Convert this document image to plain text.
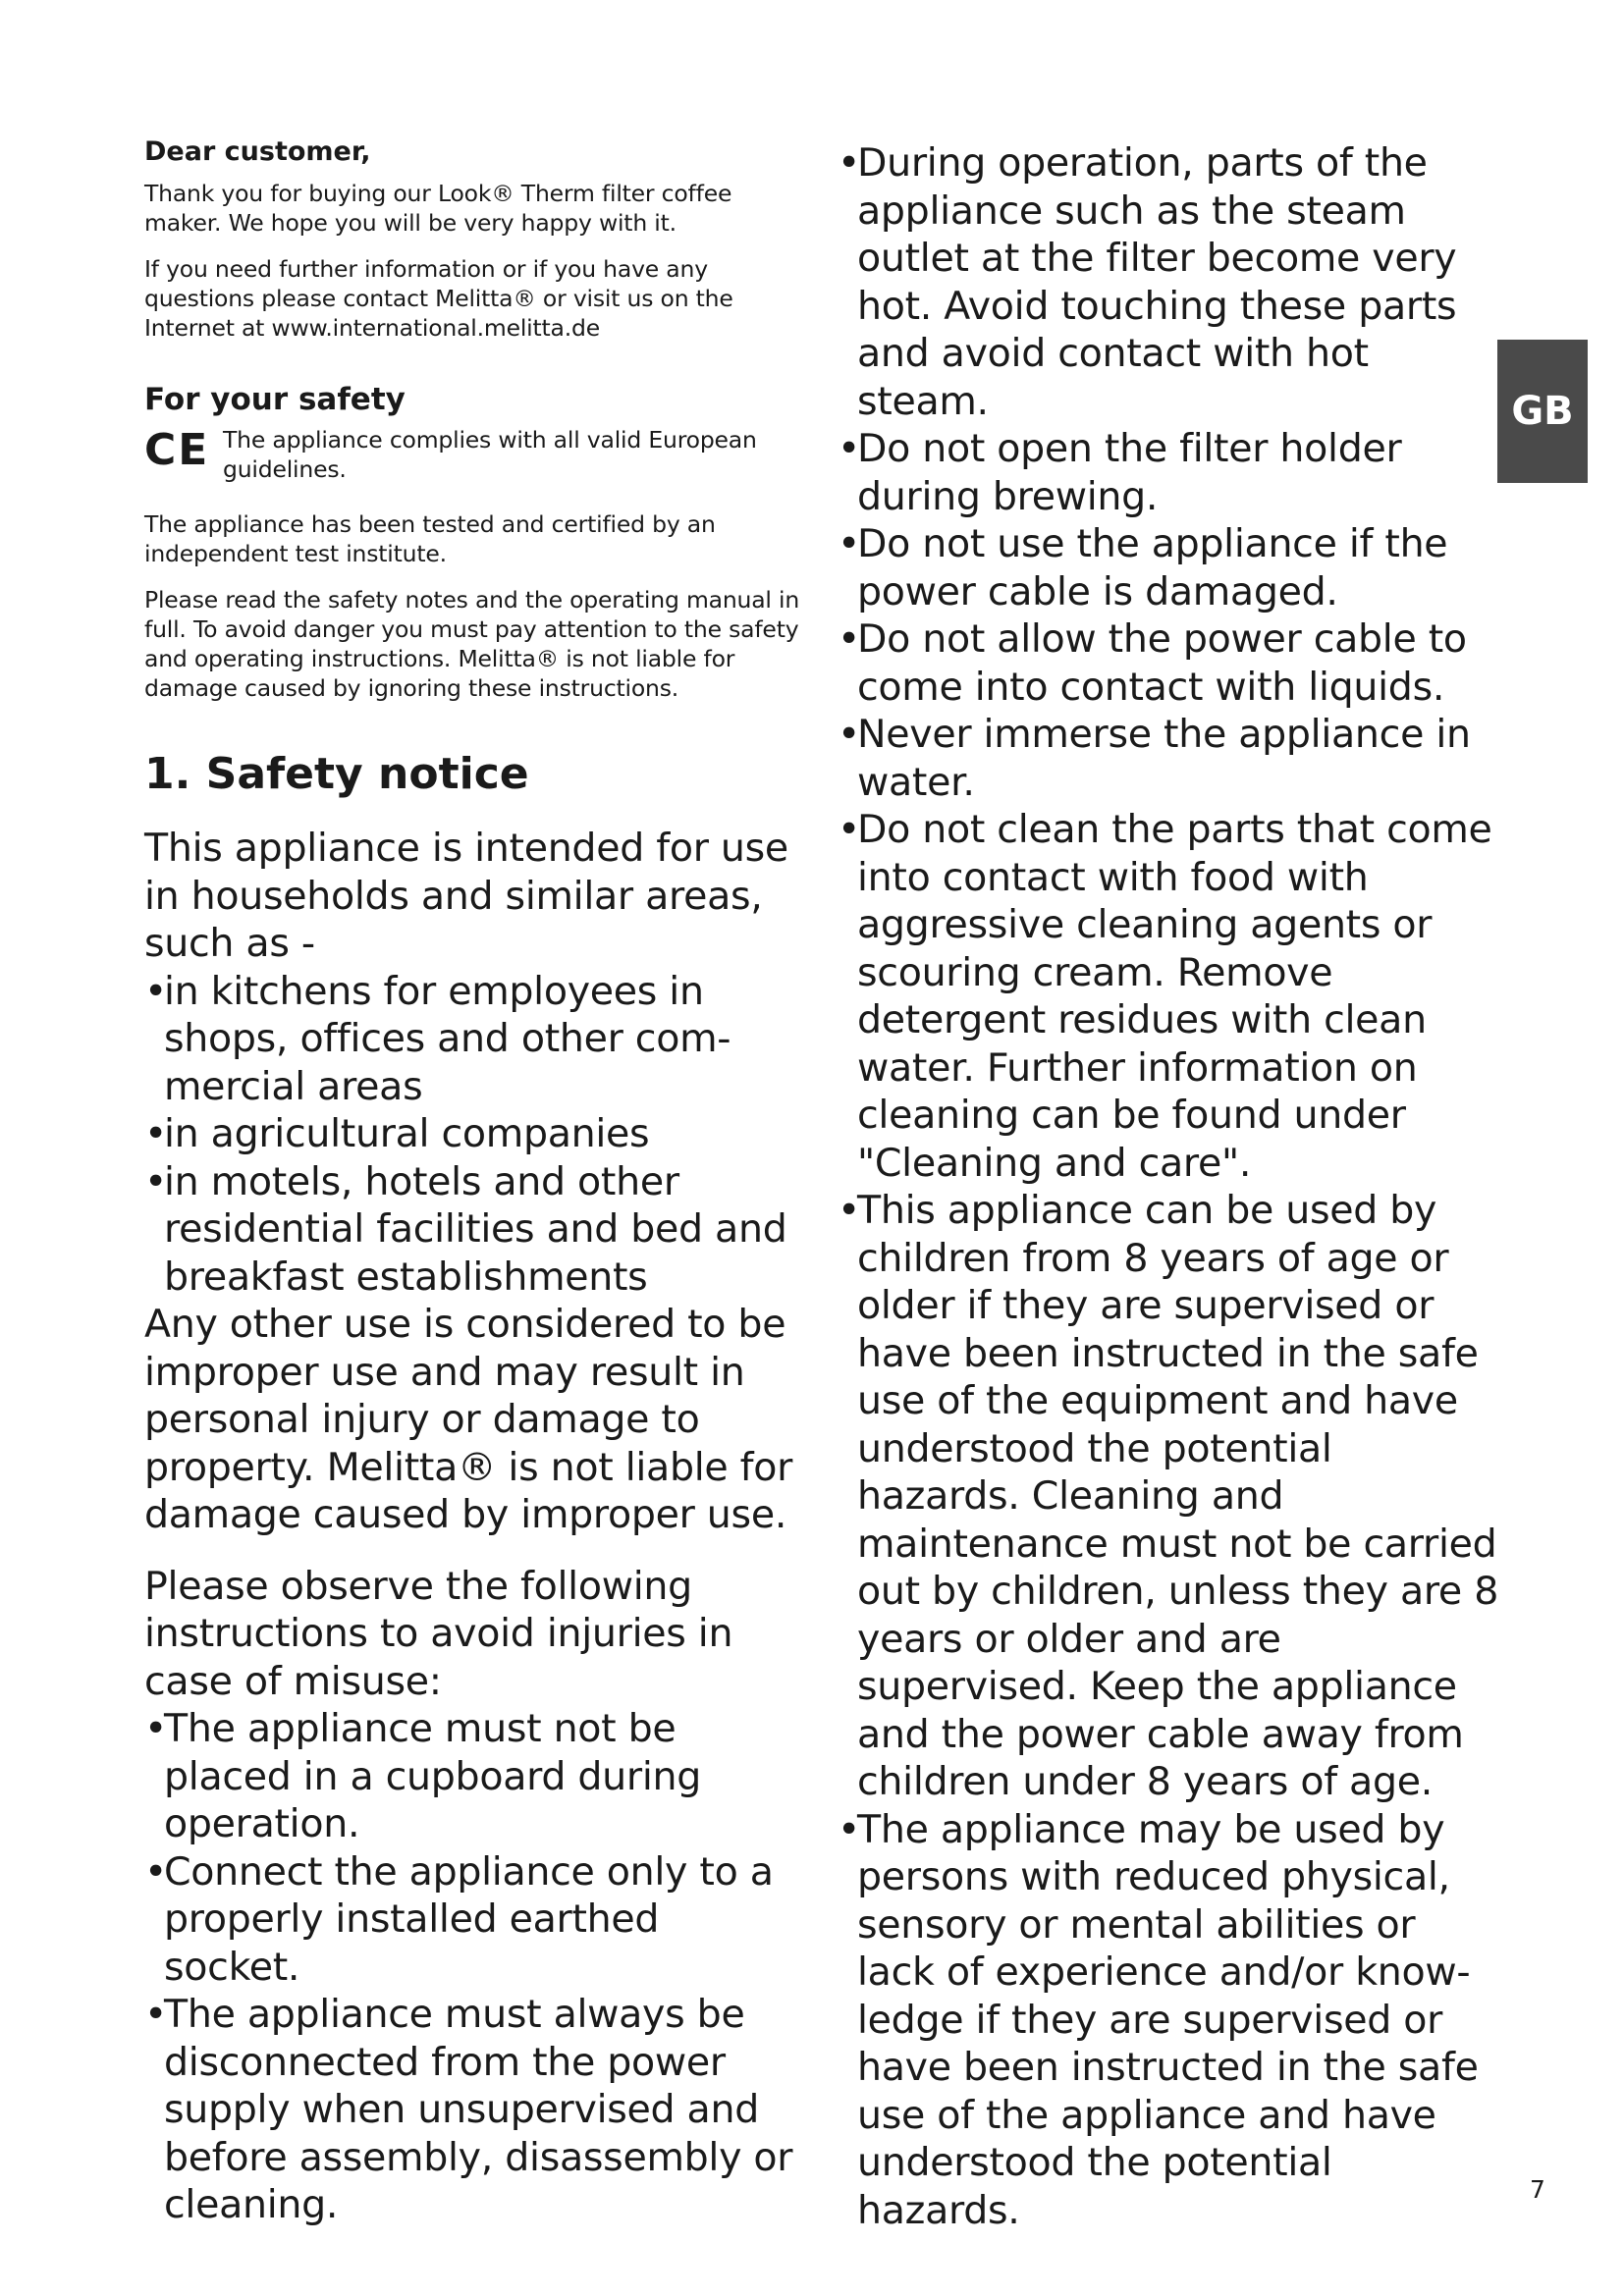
Dear customer,

Thank you for buying our Look® Therm filter coffee maker. We hope you will be very happy with it.

If you need further information or if you have any questions please contact Melitta® or visit us on the Internet at www.international.melitta.de

For your safety
CE The appliance complies with all valid European guidelines.

The appliance has been tested and certified by an independent test institute.

Please read the safety notes and the operating manual in full. To avoid danger you must pay attention to the safety and operating instructions. Melitta® is not liable for damage caused by ignoring these instructions.

1. Safety notice

This appliance is intended for use in households and similar areas, such as -

• in kitchens for employees in shops, offices and other com-mercial areas
• in agricultural companies
• in motels, hotels and other residential facilities and bed and breakfast establishments

Any other use is considered to be improper use and may result in personal injury or damage to property. Melitta® is not liable for damage caused by improper use.

Please observe the following instructions to avoid injuries in case of misuse:

• The appliance must not be placed in a cupboard during operation.
• Connect the appliance only to a properly installed earthed socket.
• The appliance must always be disconnected from the power supply when unsupervised and before assembly, disassembly or cleaning.
• During operation, parts of the appliance such as the steam outlet at the filter become very hot. Avoid touching these parts and avoid contact with hot steam.
• Do not open the filter holder during brewing.
• Do not use the appliance if the power cable is damaged.
• Do not allow the power cable to come into contact with liquids.
• Never immerse the appliance in water.
• Do not clean the parts that come into contact with food with aggressive cleaning agents or scouring cream. Remove detergent residues with clean water. Further information on cleaning can be found under "Cleaning and care".
• This appliance can be used by children from 8 years of age or older if they are supervised or have been instructed in the safe use of the equipment and have understood the potential hazards. Cleaning and maintenance must not be carried out by children, unless they are 8 years or older and are supervised. Keep the appliance and the power cable away from children under 8 years of age.
• The appliance may be used by persons with reduced physical, sensory or mental abilities or lack of experience and/or know-ledge if they are supervised or have been instructed in the safe use of the appliance and have understood the potential hazards.
GB
7
